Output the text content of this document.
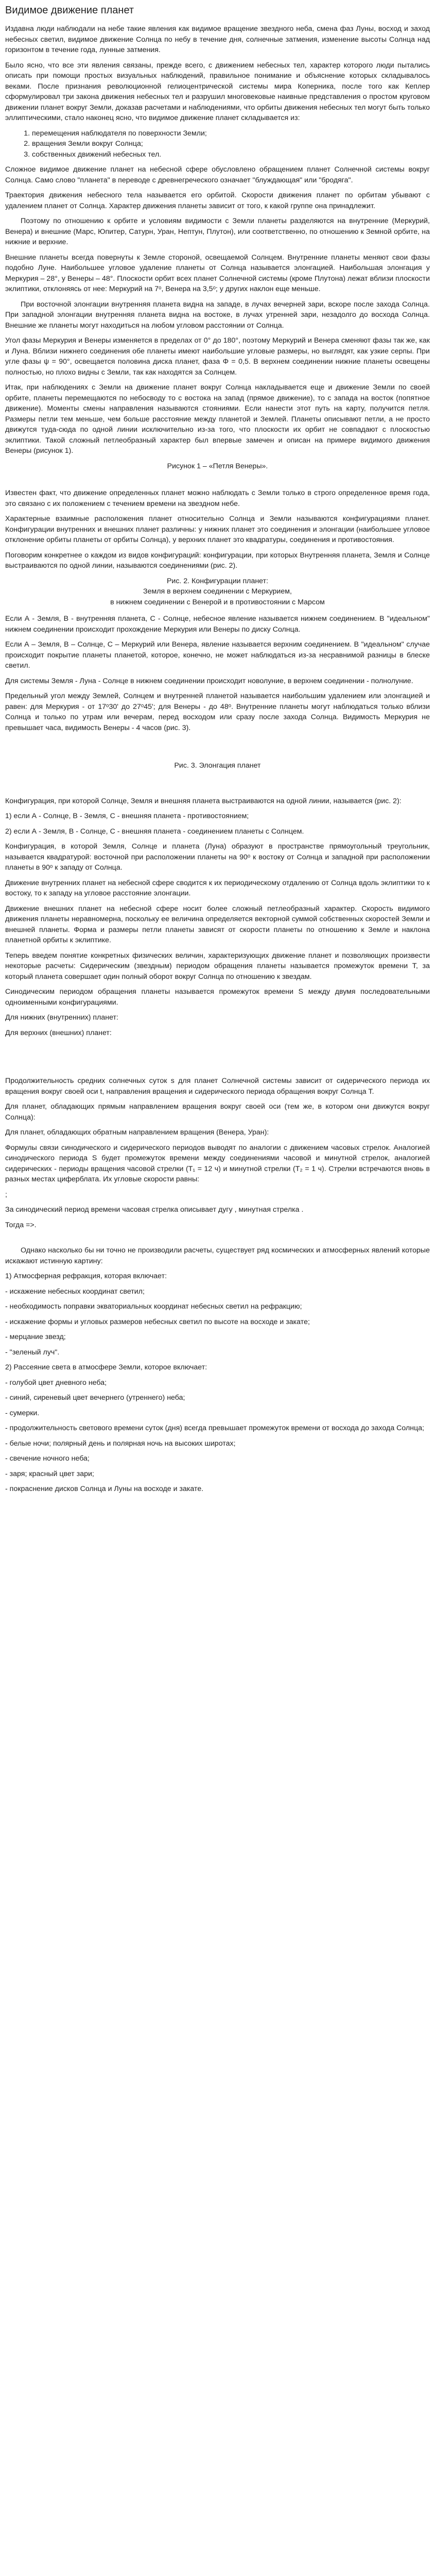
Видимое движение планет

Издавна люди наблюдали на небе такие явления как видимое вращение звездного неба, смена фаз Луны, восход и заход небесных светил, видимое движение Солнца по небу в течение дня, солнечные затмения, изменение высоты Солнца над горизонтом в течение года, лунные затмения.

Было ясно, что все эти явления связаны, прежде всего, с движением небесных тел, характер которого люди пытались описать при помощи простых визуальных наблюдений, правильное понимание и объяснение которых складывалось веками. После признания революционной гелиоцентрической системы мира Коперника, после того как Кеплер сформулировал три закона движения небесных тел и разрушил многовековые наивные представления о простом круговом движении планет вокруг Земли, доказав расчетами и наблюдениями, что орбиты движения небесных тел могут быть только эллиптическими, стало наконец ясно, что видимое движение планет складывается из:

1. перемещения наблюдателя по поверхности Земли;
2. вращения Земли вокруг Солнца;
3. собственных движений небесных тел.

Сложное видимое движение планет на небесной сфере обусловлено обращением планет Солнечной системы вокруг Солнца. Само слово "планета" в переводе с древнегреческого означает "блуждающая" или "бродяга".

Траектория движения небесного тела называется его орбитой. Скорости движения планет по орбитам убывают с удалением планет от Солнца. Характер движения планеты зависит от того, к какой группе она принадлежит.

Поэтому по отношению к орбите и условиям видимости с Земли планеты разделяются на внутренние (Меркурий, Венера) и внешние (Марс, Юпитер, Сатурн, Уран, Нептун, Плутон), или соответственно, по отношению к Земной орбите, на нижние и верхние.

Внешние планеты всегда повернуты к Земле стороной, освещаемой Солнцем. Внутренние планеты меняют свои фазы подобно Луне. Наибольшее угловое удаление планеты от Солнца называется элонгацией. Наибольшая элонгация у Меркурия – 28°, у Венеры – 48°. Плоскости орбит всех планет Солнечной системы (кроме Плутона) лежат вблизи плоскости эклиптики, отклоняясь от нее: Меркурий на 7ᵒ, Венера на 3,5ᵒ; у других наклон еще меньше.

При восточной элонгации внутренняя планета видна на западе, в лучах вечерней зари, вскоре после захода Солнца. При западной элонгации внутренняя планета видна на востоке, в лучах утренней зари, незадолго до восхода Солнца. Внешние же планеты могут находиться на любом угловом расстоянии от Солнца.

Угол фазы Меркурия и Венеры изменяется в пределах от 0° до 180°, поэтому Меркурий и Венера сменяют фазы так же, как и Луна. Вблизи нижнего соединения обе планеты имеют наибольшие угловые размеры, но выглядят, как узкие серпы. При угле фазы ψ = 90°, освещается половина диска планет, фаза Φ = 0,5. В верхнем соединении нижние планеты освещены полностью, но плохо видны с Земли, так как находятся за Солнцем.

Итак, при наблюдениях с Земли на движение планет вокруг Солнца накладывается еще и движение Земли по своей орбите, планеты перемещаются по небосводу то с востока на запад (прямое движение), то с запада на восток (попятное движение). Моменты смены направления называются стояниями. Если нанести этот путь на карту, получится петля. Размеры петли тем меньше, чем больше расстояние между планетой и Землей. Планеты описывают петли, а не просто движутся туда-сюда по одной линии исключительно из-за того, что плоскости их орбит не совпадают с плоскостью эклиптики. Такой сложный петлеобразный характер был впервые замечен и описан на примере видимого движения Венеры (рисунок 1).

Рисунок 1 – «Петля Венеры».

Известен факт, что движение определенных планет можно наблюдать с Земли только в строго определенное время года, это связано с их положением с течением времени на звездном небе.

Характерные взаимные расположения планет относительно Солнца и Земли называются конфигурациями планет. Конфигурации внутренних и внешних планет различны: у нижних планет это соединения и элонгации (наибольшее угловое отклонение орбиты планеты от орбиты Солнца), у верхних планет это квадратуры, соединения и противостояния.

Поговорим конкретнее о каждом из видов конфигураций: конфигурации, при которых Внутренняя планета, Земля и Солнце выстраиваются по одной линии, называются соединениями (рис. 2).

Рис. 2. Конфигурации планет:
Земля в верхнем соединении с Меркурием,
в нижнем соединении с Венерой и в противостоянии с Марсом

Если А - Земля, В - внутренняя планета, С - Солнце, небесное явление называется нижнем соединением. В "идеальном" нижнем соединении происходит прохождение Меркурия или Венеры по диску Солнца.

Если А – Земля, В – Солнце, С – Меркурий или Венера, явление называется верхним соединением. В "идеальном" случае происходит покрытие планеты планетой, которое, конечно, не может наблюдаться из-за несравнимой разницы в блеске светил.

Для системы Земля - Луна - Солнце в нижнем соединении происходит новолуние, в верхнем соединении - полнолуние.

Предельный угол между Землей, Солнцем и внутренней планетой называется наибольшим удалением или элонгацией и равен: для Меркурия - от 17ᵒ30' до 27ᵒ45'; для Венеры - до 48ᵒ. Внутренние планеты могут наблюдаться только вблизи Солнца и только по утрам или вечерам, перед восходом или сразу после захода Солнца. Видимость Меркурия не превышает часа, видимость Венеры - 4 часов (рис. 3).

Рис. 3. Элонгация планет

Конфигурация, при которой Солнце, Земля и внешняя планета выстраиваются на одной линии, называется (рис. 2):

1) если А - Солнце, В - Земля, С - внешняя планета - противостоянием;

2) если А - Земля, В - Солнце, С - внешняя планета - соединением планеты с Солнцем.

Конфигурация, в которой Земля, Солнце и планета (Луна) образуют в пространстве прямоугольный треугольник, называется квадратурой: восточной при расположении планеты на 90ᵒ к востоку от Солнца и западной при расположении планеты в 90ᵒ к западу от Солнца.

Движение внутренних планет на небесной сфере сводится к их периодическому отдалению от Солнца вдоль эклиптики то к востоку, то к западу на угловое расстояние элонгации.

Движение внешних планет на небесной сфере носит более сложный петлеобразный характер. Скорость видимого движения планеты неравномерна, поскольку ее величина определяется векторной суммой собственных скоростей Земли и внешней планеты. Форма и размеры петли планеты зависят от скорости планеты по отношению к Земле и наклона планетной орбиты к эклиптике.

Теперь введем понятие конкретных физических величин, характеризующих движение планет и позволяющих произвести некоторые расчеты: Сидерическим (звездным) периодом обращения планеты называется промежуток времени T, за который планета совершает один полный оборот вокруг Солнца по отношению к звездам.

Синодическим периодом обращения планеты называется промежуток времени S между двумя последовательными одноименными конфигурациями.

Для нижних (внутренних) планет:

Для верхних (внешних) планет:

Продолжительность средних солнечных суток s для планет Солнечной системы зависит от сидерического периода их вращения вокруг своей оси t, направления вращения и сидерического периода обращения вокруг Солнца T.

Для планет, обладающих прямым направлением вращения вокруг своей оси (тем же, в котором они движутся вокруг Солнца):

Для планет, обладающих обратным направлением вращения (Венера, Уран):

Формулы связи синодического и сидерического периодов выводят по аналогии с движением часовых стрелок. Аналогией синодического периода S будет промежуток времени между соединениями часовой и минутной стрелок, аналогией сидерических - периоды вращения часовой стрелки (T₁ = 12 ч) и минутной стрелки (T₂ = 1 ч). Стрелки встречаются вновь в разных местах циферблата. Их угловые скорости равны:

;

За синодический период времени часовая стрелка описывает дугу , минутная стрелка .

Тогда =>.

Однако насколько бы ни точно не производили расчеты, существует ряд космических и атмосферных явлений которые искажают истинную картину:

1) Атмосферная рефракция, которая включает:

- искажение небесных координат светил;

- необходимость поправки экваториальных координат небесных светил на рефракцию;

- искажение формы и угловых размеров небесных светил по высоте на восходе и закате;

- мерцание звезд;

- "зеленый луч".

2) Рассеяние света в атмосфере Земли, которое включает:

- голубой цвет дневного неба;

- синий, сиреневый цвет вечернего (утреннего) неба;

- сумерки.

- продолжительность светового времени суток (дня) всегда превышает промежуток времени от восхода до захода Солнца;

- белые ночи; полярный день и полярная ночь на высоких широтах;

- свечение ночного неба;

- заря; красный цвет зари;

- покраснение дисков Солнца и Луны на восходе и закате.
